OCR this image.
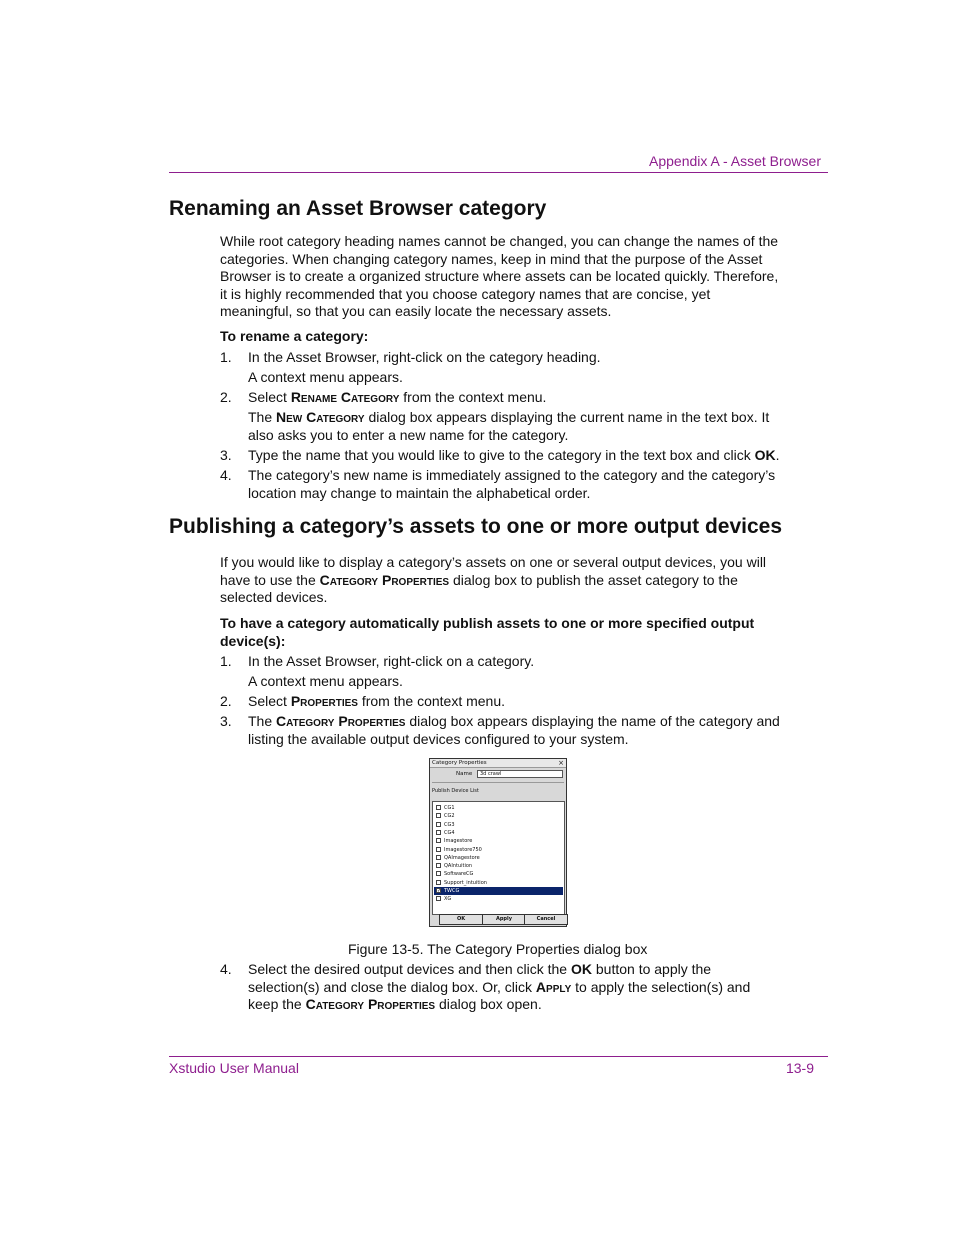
Appendix A - Asset Browser
Renaming an Asset Browser category

While root category heading names cannot be changed, you can change the names of the categories. When changing category names, keep in mind that the purpose of the Asset Browser is to create a organized structure where assets can be located quickly. Therefore, it is highly recommended that you choose category names that are concise, yet meaningful, so that you can easily locate the necessary assets.

To rename a category:
1. In the Asset Browser, right-click on the category heading.
A context menu appears.
2. Select Rename Category from the context menu.
The New Category dialog box appears displaying the current name in the text box. It also asks you to enter a new name for the category.
3. Type the name that you would like to give to the category in the text box and click OK.
4. The category’s new name is immediately assigned to the category and the category’s location may change to maintain the alphabetical order.
Publishing a category’s assets to one or more output devices

If you would like to display a category’s assets on one or several output devices, you will have to use the Category Properties dialog box to publish the asset category to the selected devices.

To have a category automatically publish assets to one or more specified output device(s):
1. In the Asset Browser, right-click on a category.
A context menu appears.
2. Select Properties from the context menu.
3. The Category Properties dialog box appears displaying the name of the category and listing the available output devices configured to your system.
Category Properties	×
Name	3d crawl
Publish Device List
CG1
CG2
CG3
CG4
Imagestore
Imagestore750
QAImagestore
QAIntuition
SoftwareCG
Support_intuition
✓ TWCG
XG
OK	Apply	Cancel
Figure 13-5. The Category Properties dialog box
4. Select the desired output devices and then click the OK button to apply the selection(s) and close the dialog box. Or, click Apply to apply the selection(s) and keep the Category Properties dialog box open.
Xstudio User Manual	13-9
